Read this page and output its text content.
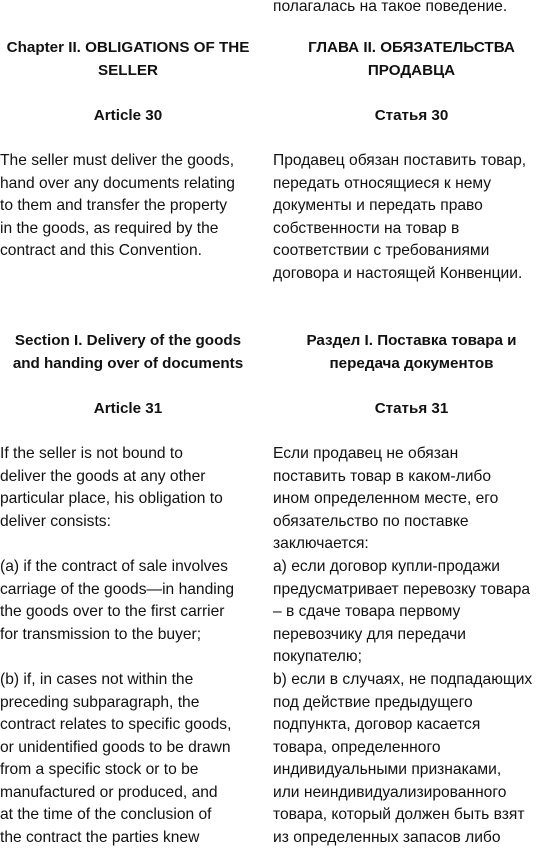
Chapter II. OBLIGATIONS OF THE
SELLER
Article 30
The seller must deliver the goods,
hand over any documents relating
to them and transfer the property
in the goods, as required by the
contract and this Convention.
Section I. Delivery of the goods
and handing over of documents
Article 31
If the seller is not bound to
deliver the goods at any other
particular place, his obligation to
deliver consists:
(a) if the contract of sale involves
carriage of the goods—in handing
the goods over to the first carrier
for transmission to the buyer;
(b) if, in cases not within the
preceding subparagraph, the
contract relates to specific goods,
or unidentified goods to be drawn
from a specific stock or to be
manufactured or produced, and
at the time of the conclusion of
the contract the parties knew
полагалась на такое поведение.
ГЛАВА II. ОБЯЗАТЕЛЬСТВА
ПРОДАВЦА
Статья 30
Продавец обязан поставить товар,
передать относящиеся к нему
документы и передать право
собственности на товар в
соответствии с требованиями
договора и настоящей Конвенции.
Раздел I. Поставка товара и
передача документов
Статья 31
Если продавец не обязан
поставить товар в каком-либо
ином определенном месте, его
обязательство по поставке
заключается:
а) если договор купли-продажи
предусматривает перевозку товара
– в сдаче товара первому
перевозчику для передачи
покупателю;
b) если в случаях, не подпадающих
под действие предыдущего
подпункта, договор касается
товара, определенного
индивидуальными признаками,
или неиндивидуализированного
товара, который должен быть взят
из определенных запасов либо
